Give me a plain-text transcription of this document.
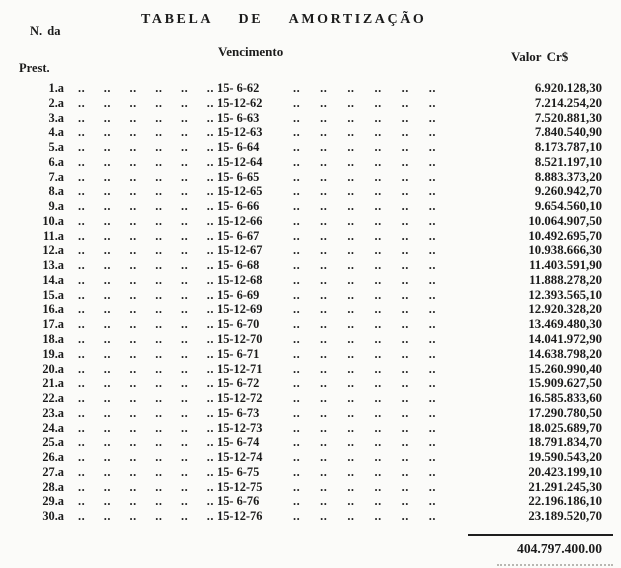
TABELA  DE  AMORTIZAÇÃO
N. da
Vencimento	Valor Cr$
Prest.
1.a .. .. .. .. .. .. 15- 6-62	.. .. .. .. .. ..	6.920.128,30
2.a .. .. .. .. .. .. 15-12-62	.. .. .. .. .. ..	7.214.254,20
3.a .. .. .. .. .. .. 15- 6-63	.. .. .. .. .. ..	7.520.881,30
4.a .. .. .. .. .. .. 15-12-63	.. .. .. .. .. ..	7.840.540,90
5.a .. .. .. .. .. .. 15- 6-64	.. .. .. .. .. ..	8.173.787,10
6.a .. .. .. .. .. .. 15-12-64	.. .. .. .. .. ..	8.521.197,10
7.a .. .. .. .. .. .. 15- 6-65	.. .. .. .. .. ..	8.883.373,20
8.a .. .. .. .. .. .. 15-12-65	.. .. .. .. .. ..	9.260.942,70
9.a .. .. .. .. .. .. 15- 6-66	.. .. .. .. .. ..	9.654.560,10
10.a .. .. .. .. .. .. 15-12-66	.. .. .. .. .. ..	10.064.907,50
11.a .. .. .. .. .. .. 15- 6-67	.. .. .. .. .. ..	10.492.695,70
12.a .. .. .. .. .. .. 15-12-67	.. .. .. .. .. ..	10.938.666,30
13.a .. .. .. .. .. .. 15- 6-68	.. .. .. .. .. ..	11.403.591,90
14.a .. .. .. .. .. .. 15-12-68	.. .. .. .. .. ..	11.888.278,20
15.a .. .. .. .. .. .. 15- 6-69	.. .. .. .. .. ..	12.393.565,10
16.a .. .. .. .. .. .. 15-12-69	.. .. .. .. .. ..	12.920.328,20
17.a .. .. .. .. .. .. 15- 6-70	.. .. .. .. .. ..	13.469.480,30
18.a .. .. .. .. .. .. 15-12-70	.. .. .. .. .. ..	14.041.972,90
19.a .. .. .. .. .. .. 15- 6-71	.. .. .. .. .. ..	14.638.798,20
20.a .. .. .. .. .. .. 15-12-71	.. .. .. .. .. ..	15.260.990,40
21.a .. .. .. .. .. .. 15- 6-72	.. .. .. .. .. ..	15.909.627,50
22.a .. .. .. .. .. .. 15-12-72	.. .. .. .. .. ..	16.585.833,60
23.a .. .. .. .. .. .. 15- 6-73	.. .. .. .. .. ..	17.290.780,50
24.a .. .. .. .. .. .. 15-12-73	.. .. .. .. .. ..	18.025.689,70
25.a .. .. .. .. .. .. 15- 6-74	.. .. .. .. .. ..	18.791.834,70
26.a .. .. .. .. .. .. 15-12-74	.. .. .. .. .. ..	19.590.543,20
27.a .. .. .. .. .. .. 15- 6-75	.. .. .. .. .. ..	20.423.199,10
28.a .. .. .. .. .. .. 15-12-75	.. .. .. .. .. ..	21.291.245,30
29.a .. .. .. .. .. .. 15- 6-76	.. .. .. .. .. ..	22.196.186,10
30.a .. .. .. .. .. .. 15-12-76	.. .. .. .. .. ..	23.189.520,70
404.797.400.00
